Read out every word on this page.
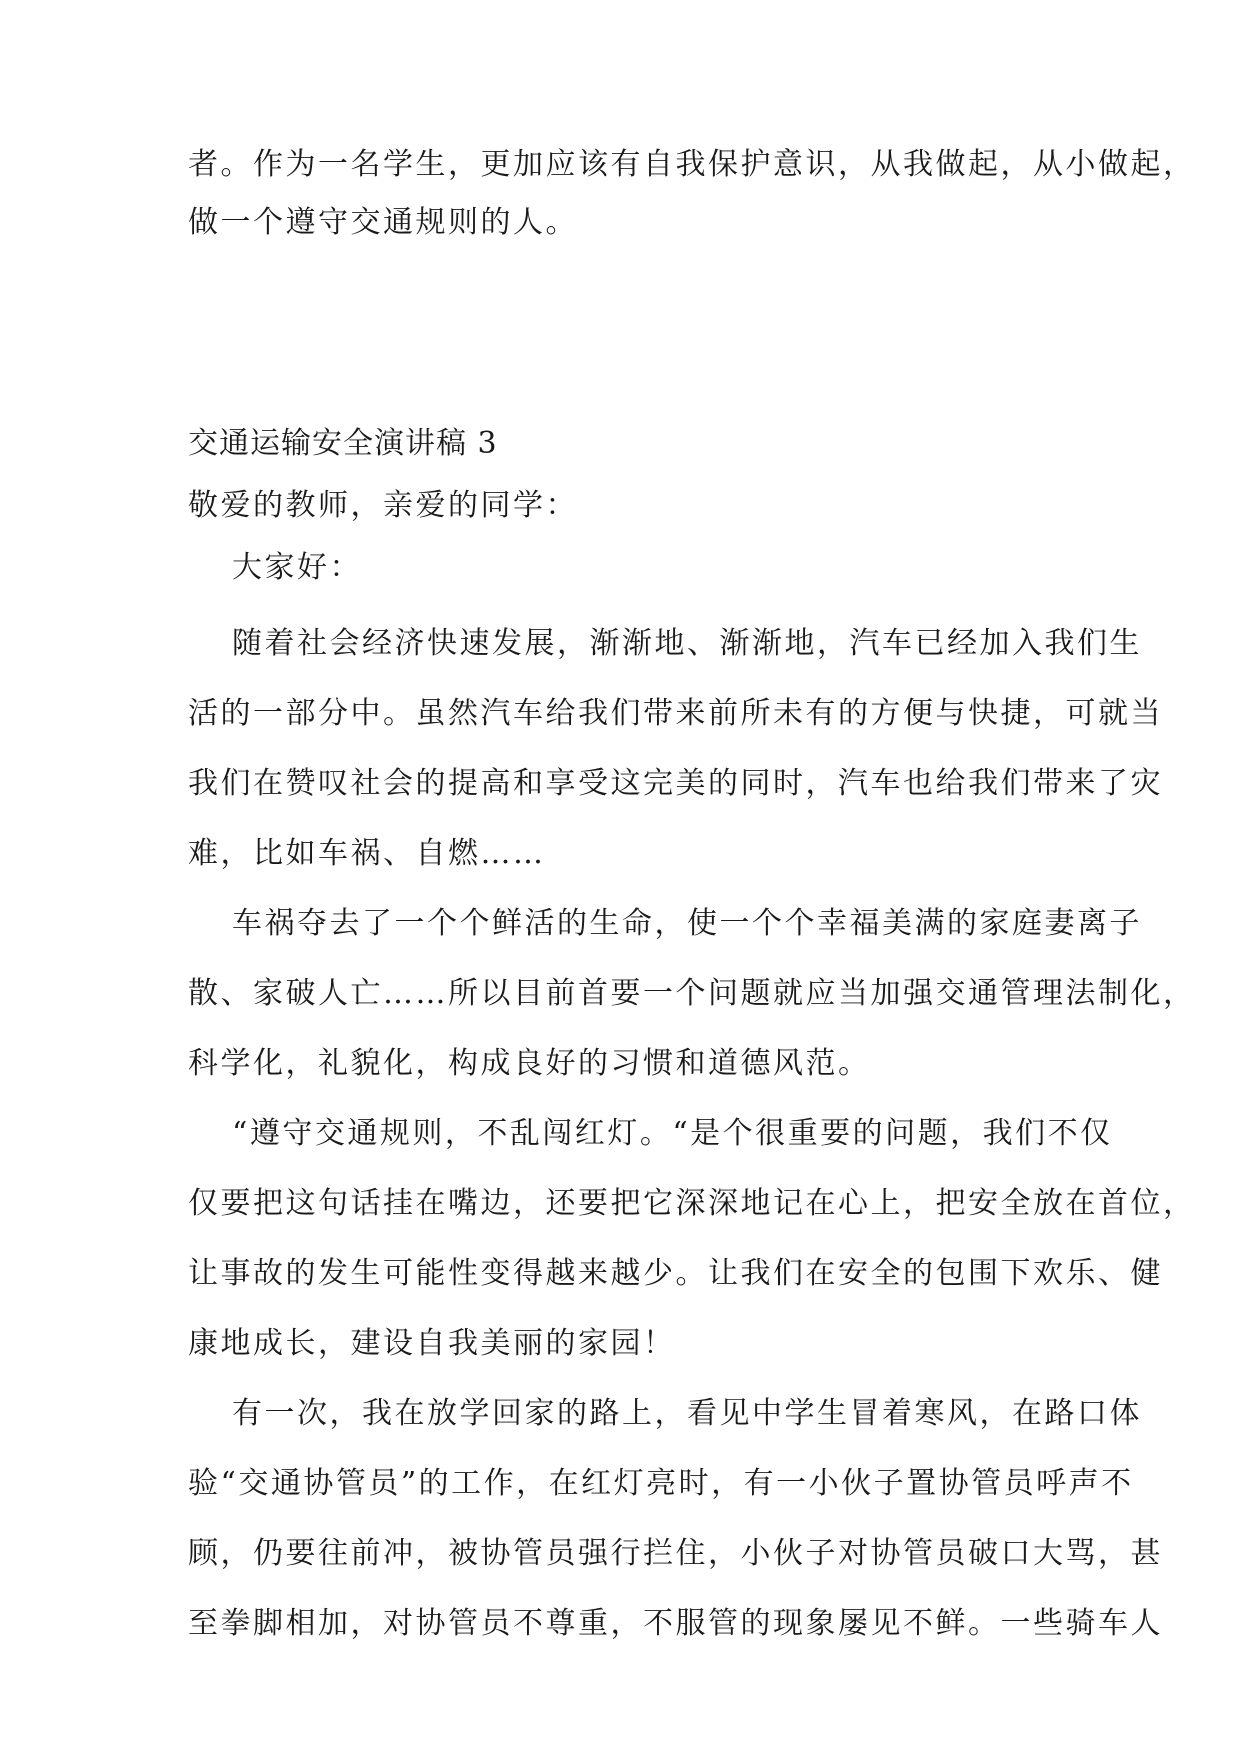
者。作为一名学生，更加应该有自我保护意识，从我做起，从小做起，
做一个遵守交通规则的人。
交通运输安全演讲稿 3
敬爱的教师，亲爱的同学：
大家好：
随着社会经济快速发展，渐渐地、渐渐地，汽车已经加入我们生
活的一部分中。虽然汽车给我们带来前所未有的方便与快捷，可就当
我们在赞叹社会的提高和享受这完美的同时，汽车也给我们带来了灾
难，比如车祸、自燃……
车祸夺去了一个个鲜活的生命，使一个个幸福美满的家庭妻离子
散、家破人亡……所以目前首要一个问题就应当加强交通管理法制化，
科学化，礼貌化，构成良好的习惯和道德风范。
“遵守交通规则，不乱闯红灯。“是个很重要的问题，我们不仅
仅要把这句话挂在嘴边，还要把它深深地记在心上，把安全放在首位，
让事故的发生可能性变得越来越少。让我们在安全的包围下欢乐、健
康地成长，建设自我美丽的家园！
有一次，我在放学回家的路上，看见中学生冒着寒风，在路口体
验“交通协管员”的工作，在红灯亮时，有一小伙子置协管员呼声不
顾，仍要往前冲，被协管员强行拦住，小伙子对协管员破口大骂，甚
至拳脚相加，对协管员不尊重，不服管的现象屡见不鲜。一些骑车人
